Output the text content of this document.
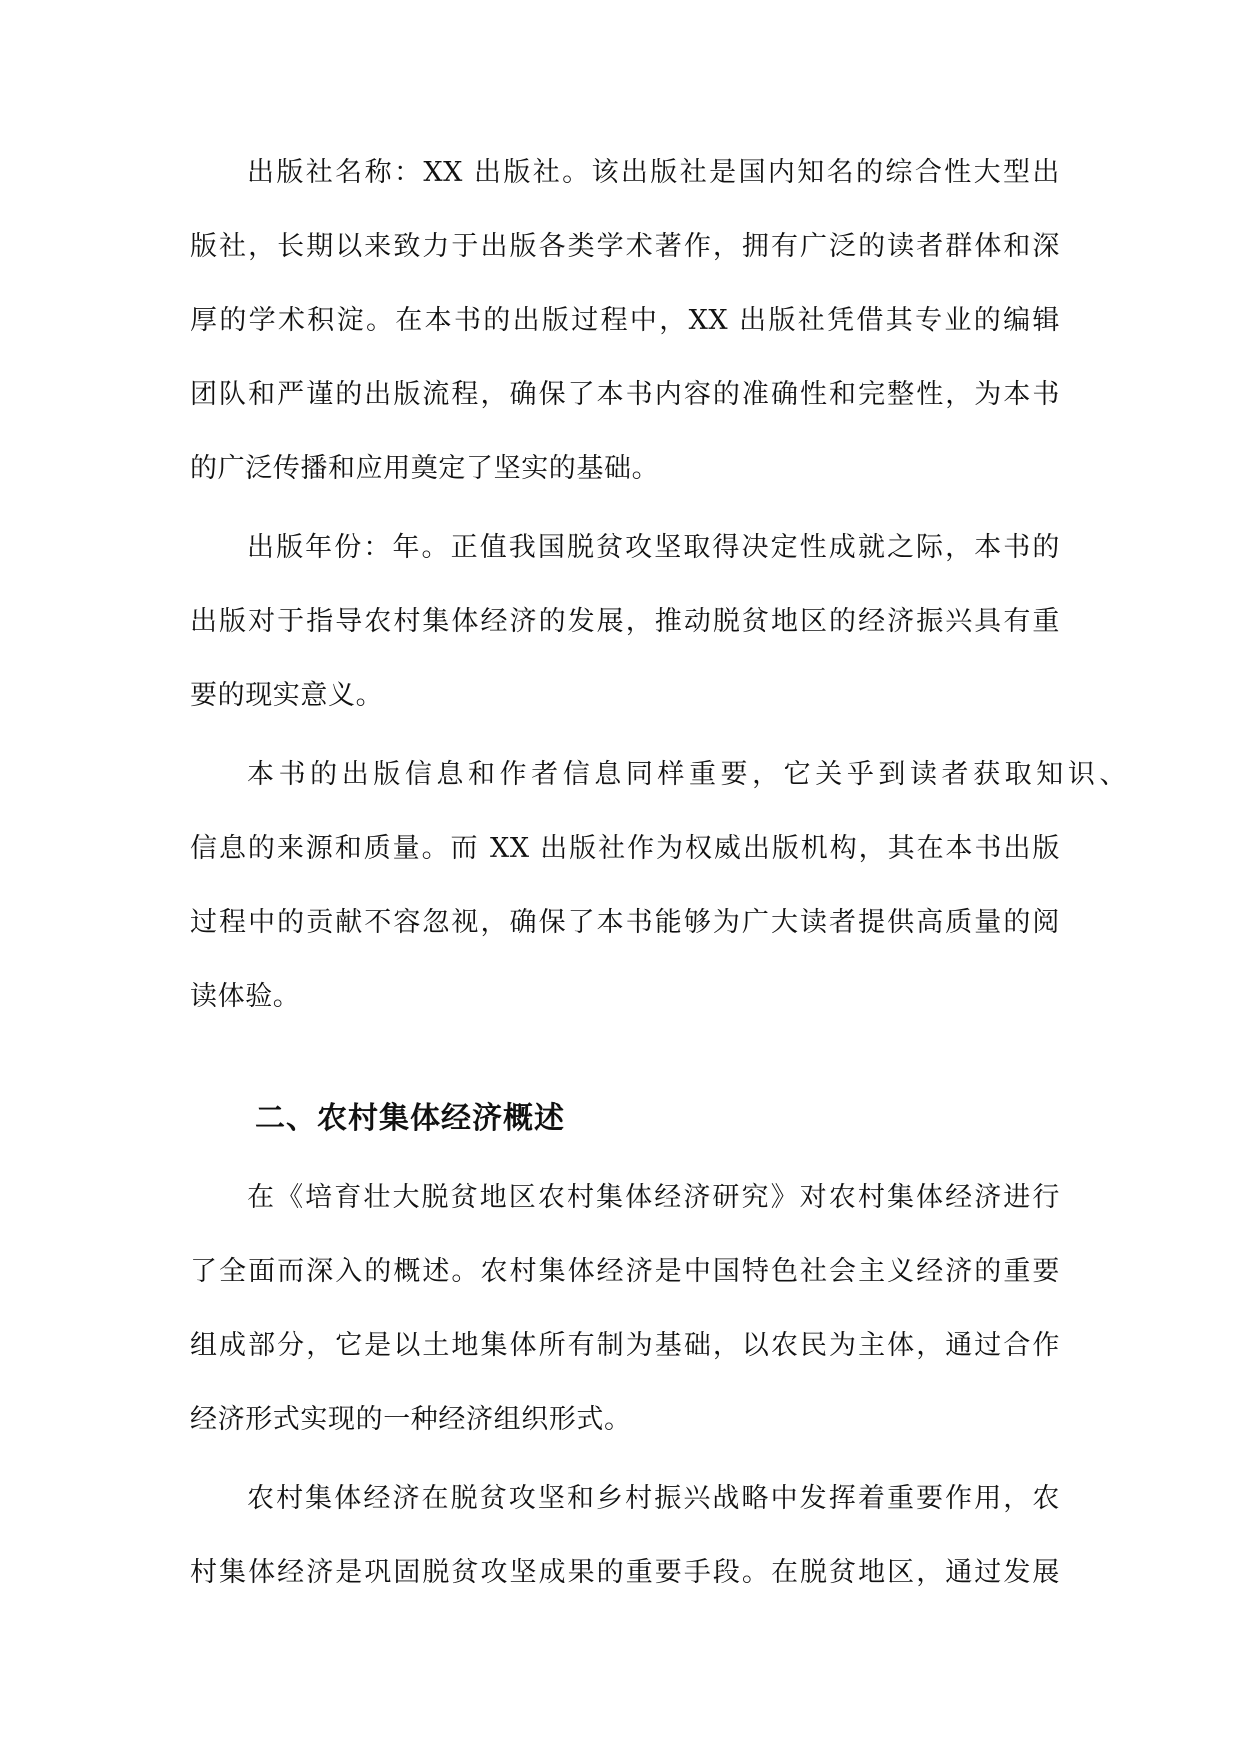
出版社名称：XX 出版社。该出版社是国内知名的综合性大型出
版社，长期以来致力于出版各类学术著作，拥有广泛的读者群体和深
厚的学术积淀。在本书的出版过程中，XX 出版社凭借其专业的编辑
团队和严谨的出版流程，确保了本书内容的准确性和完整性，为本书
的广泛传播和应用奠定了坚实的基础。
出版年份：年。正值我国脱贫攻坚取得决定性成就之际，本书的
出版对于指导农村集体经济的发展，推动脱贫地区的经济振兴具有重
要的现实意义。
本书的出版信息和作者信息同样重要，它关乎到读者获取知识、
信息的来源和质量。而 XX 出版社作为权威出版机构，其在本书出版
过程中的贡献不容忽视，确保了本书能够为广大读者提供高质量的阅
读体验。
二、农村集体经济概述
在《培育壮大脱贫地区农村集体经济研究》对农村集体经济进行
了全面而深入的概述。农村集体经济是中国特色社会主义经济的重要
组成部分，它是以土地集体所有制为基础，以农民为主体，通过合作
经济形式实现的一种经济组织形式。
农村集体经济在脱贫攻坚和乡村振兴战略中发挥着重要作用，农
村集体经济是巩固脱贫攻坚成果的重要手段。在脱贫地区，通过发展
